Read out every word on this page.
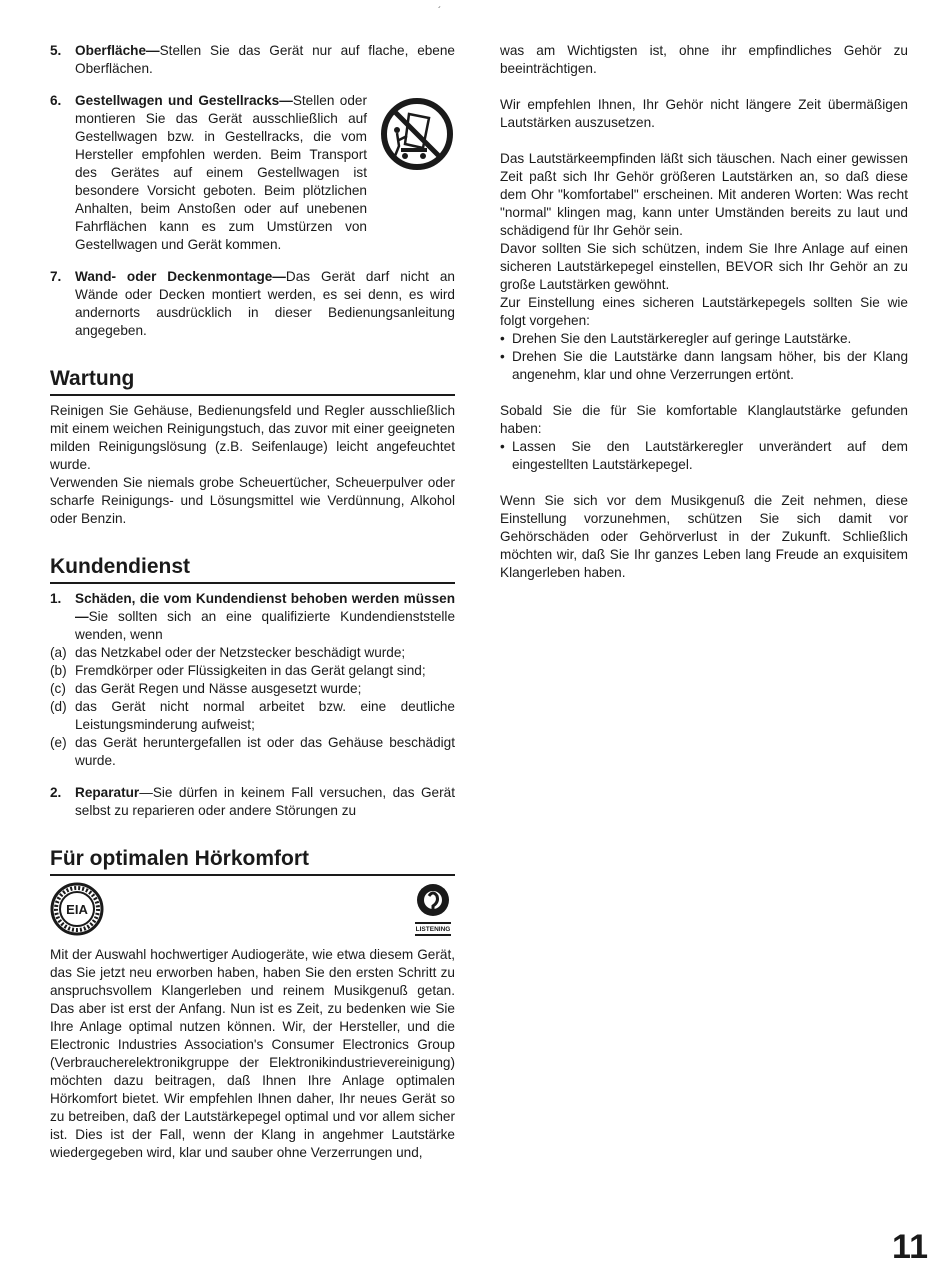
´
5.	Oberfläche—Stellen Sie das Gerät nur auf flache, ebene Oberflächen.
6.	Gestellwagen und Gestellracks—Stellen oder montieren Sie das Gerät ausschließlich auf Gestellwagen bzw. in Gestellracks, die vom Hersteller empfohlen werden. Beim Transport des Gerätes auf einem Gestellwagen ist besondere Vorsicht geboten. Beim plötzlichen Anhalten, beim Anstoßen oder auf unebenen Fahrflächen kann es zum Umstürzen von Gestellwagen und Gerät kommen.
7.	Wand- oder Deckenmontage—Das Gerät darf nicht an Wände oder Decken montiert werden, es sei denn, es wird andernorts ausdrücklich in dieser Bedienungsanleitung angegeben.
Wartung

Reinigen Sie Gehäuse, Bedienungsfeld und Regler ausschließlich mit einem weichen Reinigungstuch, das zuvor mit einer geeigneten milden Reinigungslösung (z.B. Seifenlauge) leicht angefeuchtet wurde.

Verwenden Sie niemals grobe Scheuertücher, Scheuerpulver oder scharfe Reinigungs- und Lösungsmittel wie Verdünnung, Alkohol oder Benzin.

Kundendienst
1.	Schäden, die vom Kundendienst behoben werden müssen—Sie sollten sich an eine qualifizierte Kundendienststelle wenden, wenn
(a) das Netzkabel oder der Netzstecker beschädigt wurde;
(b) Fremdkörper oder Flüssigkeiten in das Gerät gelangt sind;
(c) das Gerät Regen und Nässe ausgesetzt wurde;
(d) das Gerät nicht normal arbeitet bzw. eine deutliche Leistungsminderung aufweist;
(e) das Gerät heruntergefallen ist oder das Gehäuse beschädigt wurde.
2.	Reparatur—Sie dürfen in keinem Fall versuchen, das Gerät selbst zu reparieren oder andere Störungen zu
Für optimalen Hörkomfort
EIA
LISTENING

Mit der Auswahl hochwertiger Audiogeräte, wie etwa diesem Gerät, das Sie jetzt neu erworben haben, haben Sie den ersten Schritt zu anspruchsvollem Klangerleben und reinem Musikgenuß getan. Das aber ist erst der Anfang. Nun ist es Zeit, zu bedenken wie Sie Ihre Anlage optimal nutzen können. Wir, der Hersteller, und die Electronic Industries Association's Consumer Electronics Group (Verbraucherelektronikgruppe der Elektronikindustrievereinigung) möchten dazu beitragen, daß Ihnen Ihre Anlage optimalen Hörkomfort bietet. Wir empfehlen Ihnen daher, Ihr neues Gerät so zu betreiben, daß der Lautstärkepegel optimal und vor allem sicher ist. Dies ist der Fall, wenn der Klang in angehmer Lautstärke wiedergegeben wird, klar und sauber ohne Verzerrungen und,

was am Wichtigsten ist, ohne ihr empfindliches Gehör zu beeinträchtigen.

Wir empfehlen Ihnen, Ihr Gehör nicht längere Zeit übermäßigen Lautstärken auszusetzen.

Das Lautstärkeempfinden läßt sich täuschen. Nach einer gewissen Zeit paßt sich Ihr Gehör größeren Lautstärken an, so daß diese dem Ohr "komfortabel" erscheinen. Mit anderen Worten: Was recht "normal" klingen mag, kann unter Umständen bereits zu laut und schädigend für Ihr Gehör sein.

Davor sollten Sie sich schützen, indem Sie Ihre Anlage auf einen sicheren Lautstärkepegel einstellen, BEVOR sich Ihr Gehör an zu große Lautstärken gewöhnt.

Zur Einstellung eines sicheren Lautstärkepegels sollten Sie wie folgt vorgehen:

• Drehen Sie den Lautstärkeregler auf geringe Lautstärke.
• Drehen Sie die Lautstärke dann langsam höher, bis der Klang angenehm, klar und ohne Verzerrungen ertönt.

Sobald Sie die für Sie komfortable Klanglautstärke gefunden haben:

• Lassen Sie den Lautstärkeregler unverändert auf dem eingestellten Lautstärkepegel.

Wenn Sie sich vor dem Musikgenuß die Zeit nehmen, diese Einstellung vorzunehmen, schützen Sie sich damit vor Gehörschäden oder Gehörverlust in der Zukunft. Schließlich möchten wir, daß Sie Ihr ganzes Leben lang Freude an exquisitem Klangerleben haben.

11
